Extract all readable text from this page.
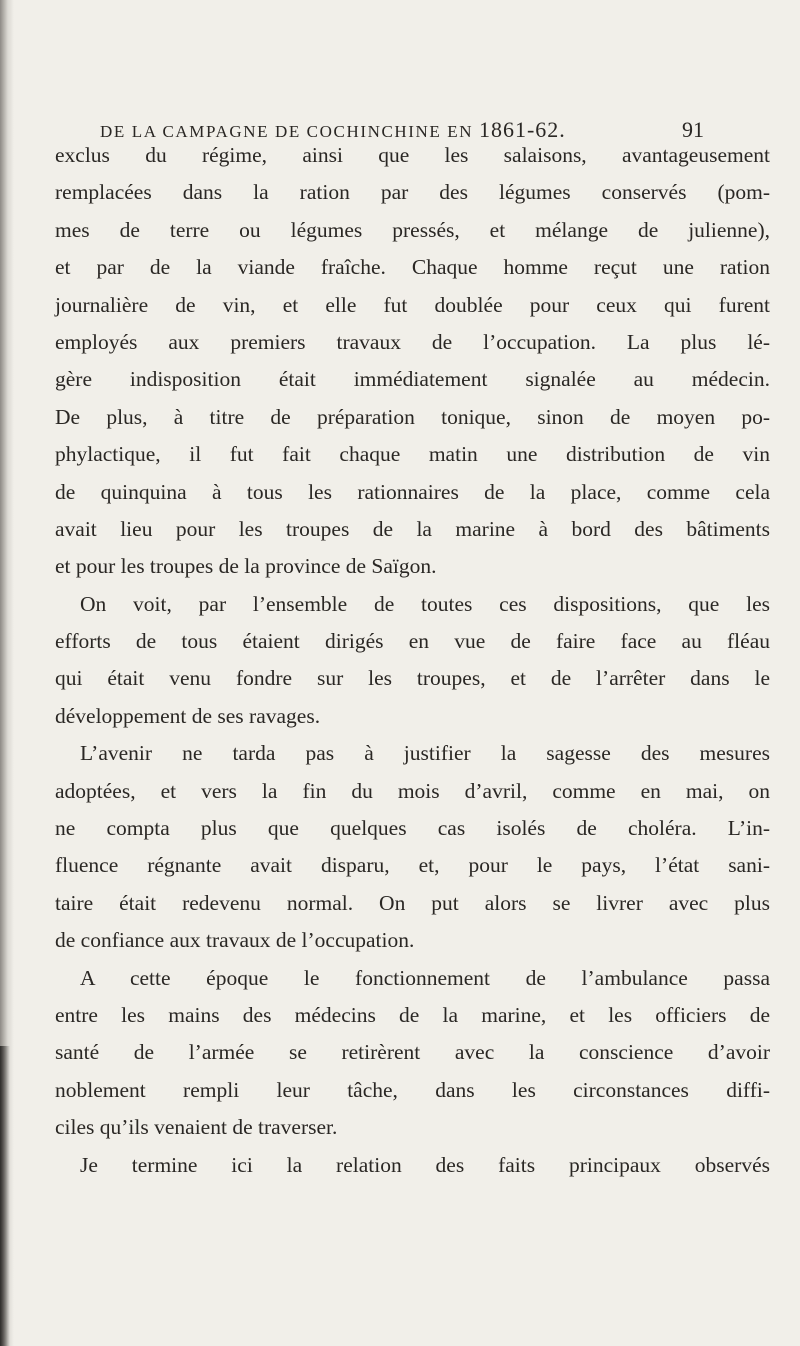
DE LA CAMPAGNE DE COCHINCHINE EN 1861-62.	91
exclus du régime, ainsi que les salaisons, avantageusement
remplacées dans la ration par des légumes conservés (pom-
mes de terre ou légumes pressés, et mélange de julienne),
et par de la viande fraîche. Chaque homme reçut une ration
journalière de vin, et elle fut doublée pour ceux qui furent
employés aux premiers travaux de l’occupation. La plus lé-
gère indisposition était immédiatement signalée au médecin.
De plus, à titre de préparation tonique, sinon de moyen po-
phylactique, il fut fait chaque matin une distribution de vin
de quinquina à tous les rationnaires de la place, comme cela
avait lieu pour les troupes de la marine à bord des bâtiments
et pour les troupes de la province de Saïgon.
On voit, par l’ensemble de toutes ces dispositions, que les
efforts de tous étaient dirigés en vue de faire face au fléau
qui était venu fondre sur les troupes, et de l’arrêter dans le
développement de ses ravages.
L’avenir ne tarda pas à justifier la sagesse des mesures
adoptées, et vers la fin du mois d’avril, comme en mai, on
ne compta plus que quelques cas isolés de choléra. L’in-
fluence régnante avait disparu, et, pour le pays, l’état sani-
taire était redevenu normal. On put alors se livrer avec plus
de confiance aux travaux de l’occupation.
A cette époque le fonctionnement de l’ambulance passa
entre les mains des médecins de la marine, et les officiers de
santé de l’armée se retirèrent avec la conscience d’avoir
noblement rempli leur tâche, dans les circonstances diffi-
ciles qu’ils venaient de traverser.
Je termine ici la relation des faits principaux observés
